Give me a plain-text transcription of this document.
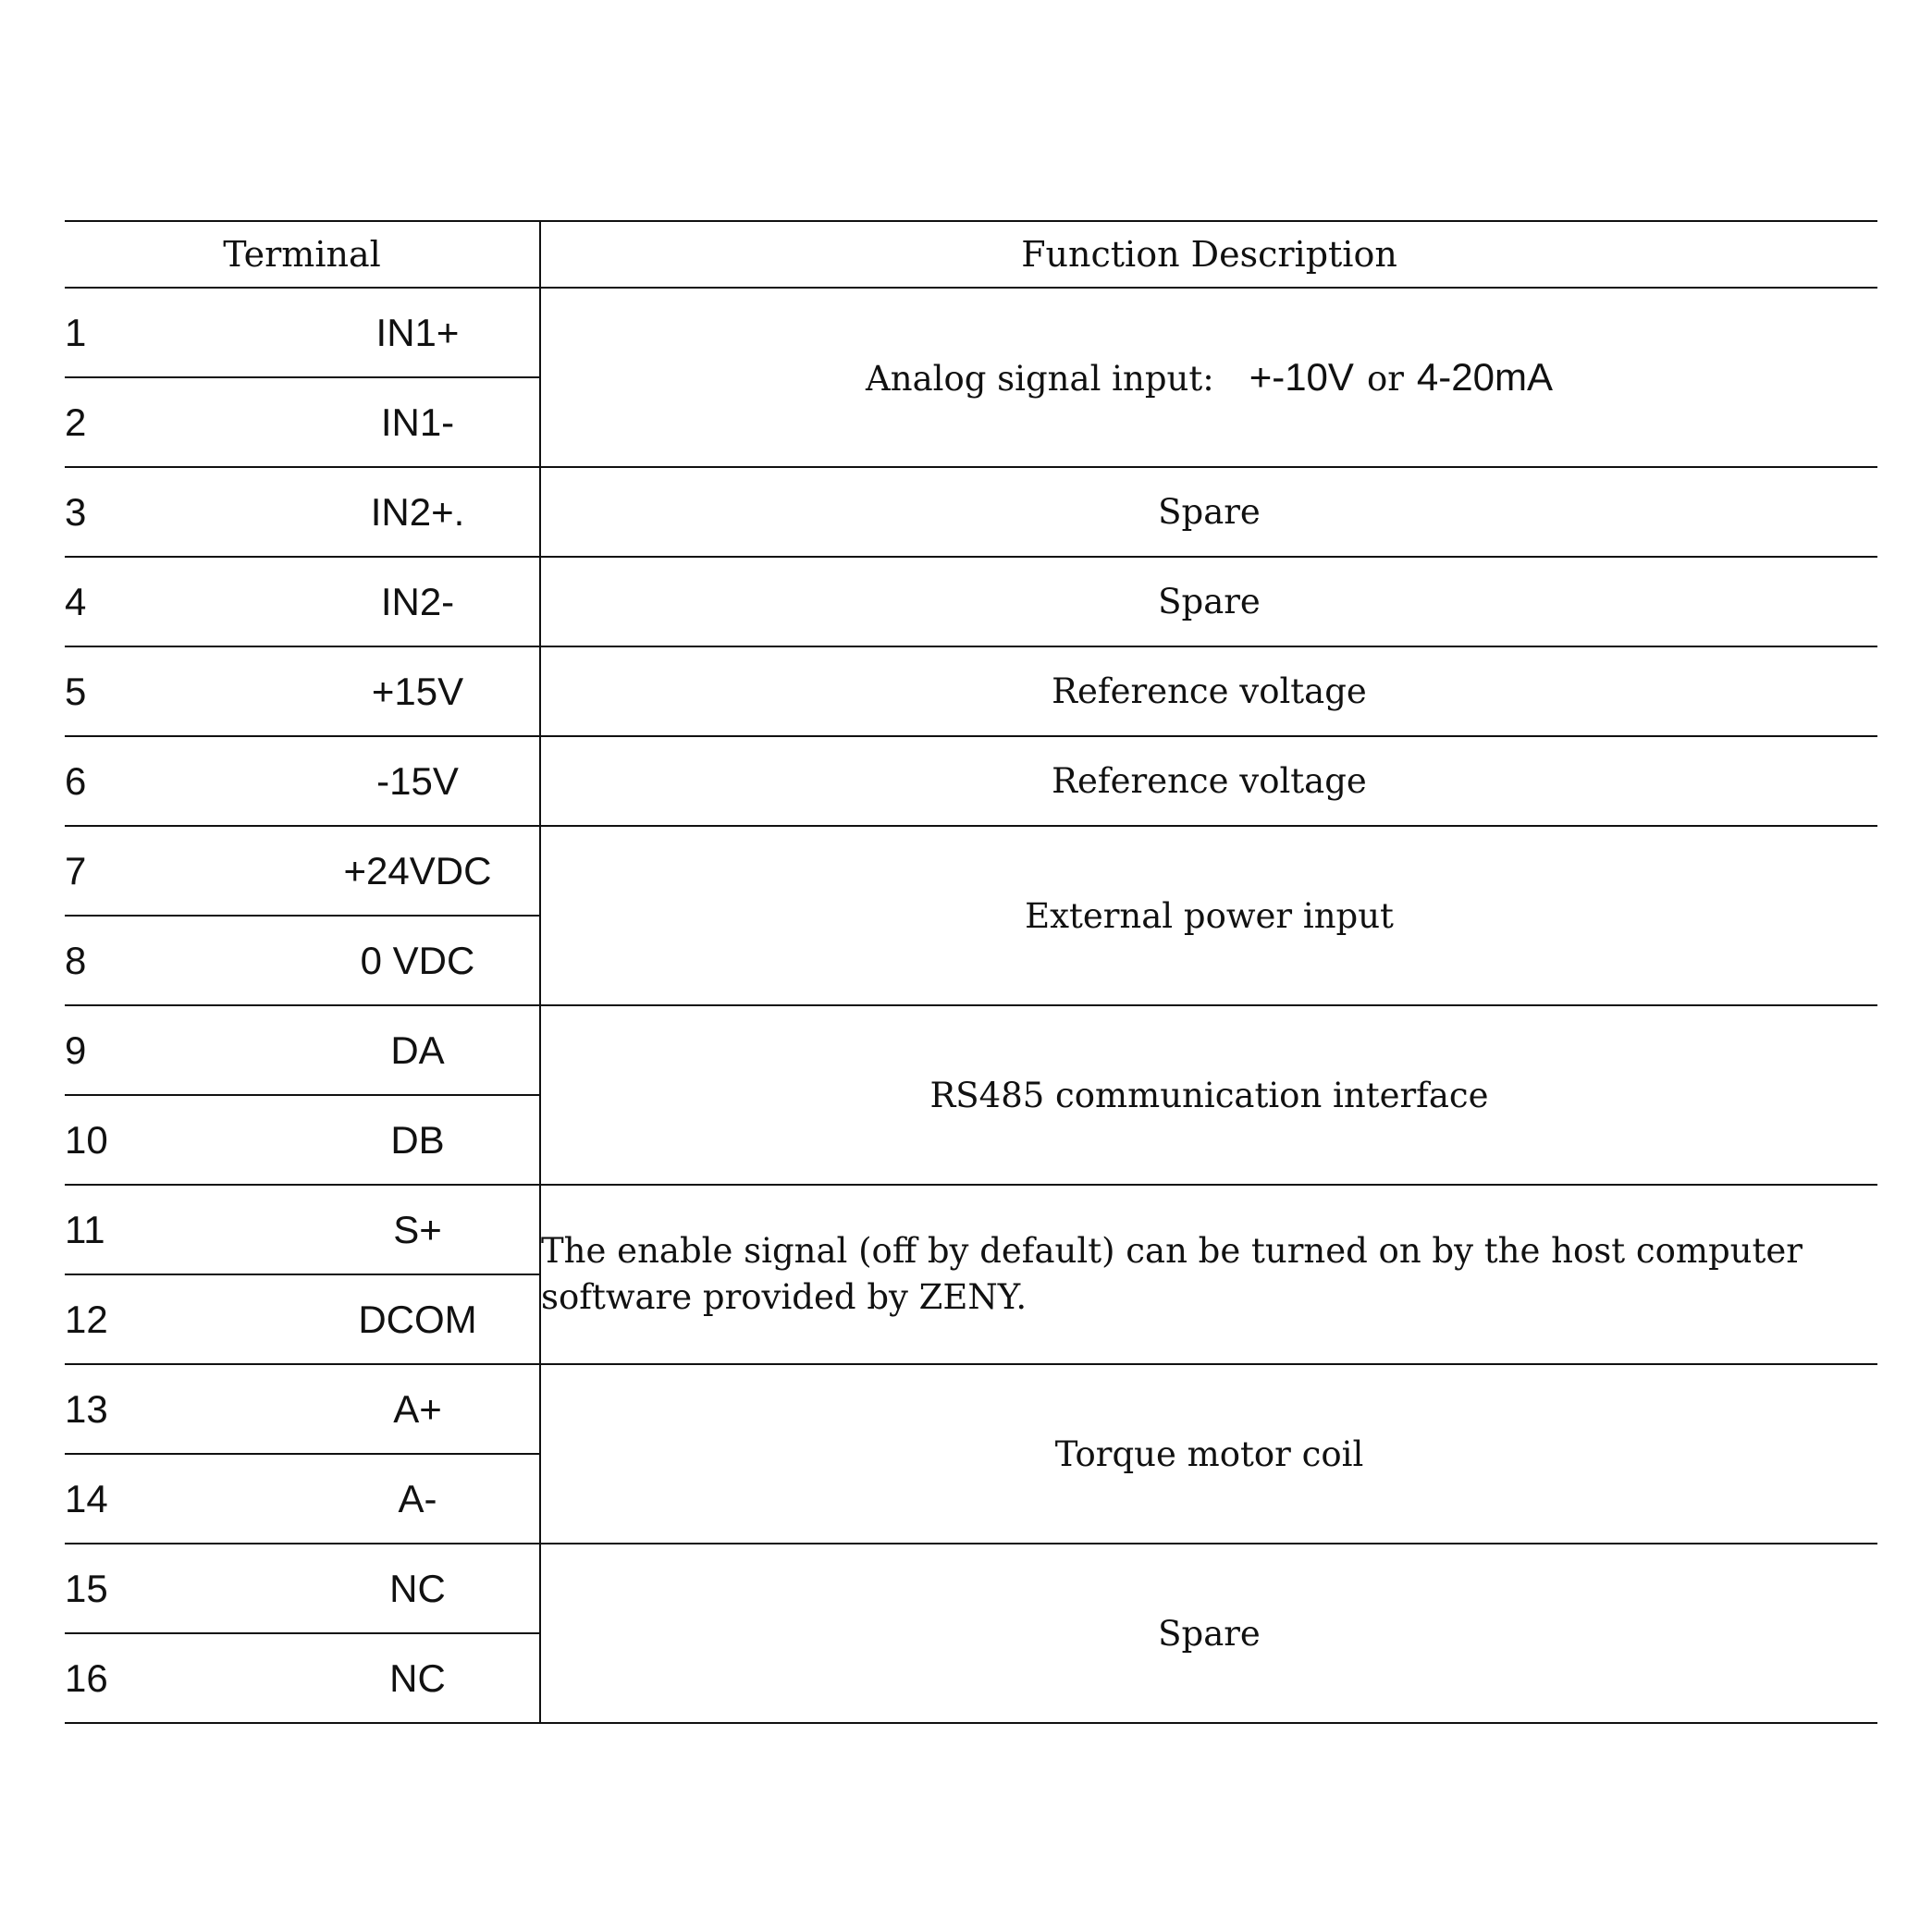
Terminal		Function Description
1	IN1+	Analog signal input: +-10V or 4-20mA
2	IN1-	
3	IN2+.	Spare
4	IN2-	Spare
5	+15V	Reference voltage
6	-15V	Reference voltage
7	+24VDC	External power input
8	0 VDC	
9	DA	RS485 communication interface
10	DB	
11	S+	The enable signal (off by default) can be turned on by the host computer software provided by ZENY.
12	DCOM	
13	A+	Torque motor coil
14	A-	
15	NC	Spare
16	NC	
